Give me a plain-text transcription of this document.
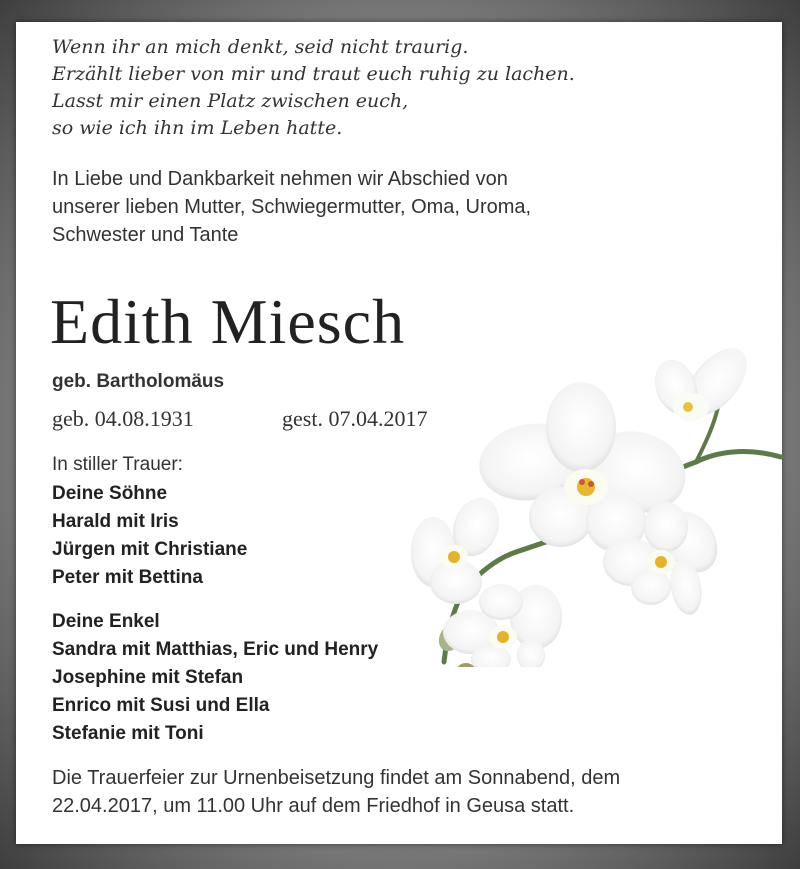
Wenn ihr an mich denkt, seid nicht traurig.
Erzählt lieber von mir und traut euch ruhig zu lachen.
Lasst mir einen Platz zwischen euch,
so wie ich ihn im Leben hatte.
In Liebe und Dankbarkeit nehmen wir Abschied von
unserer lieben Mutter, Schwiegermutter, Oma, Uroma,
Schwester und Tante
Edith Miesch
geb. Bartholomäus
geb. 04.08.1931	gest. 07.04.2017
In stiller Trauer:
Deine Söhne
Harald mit Iris
Jürgen mit Christiane
Peter mit Bettina
Deine Enkel
Sandra mit Matthias, Eric und Henry
Josephine mit Stefan
Enrico mit Susi und Ella
Stefanie mit Toni
Die Trauerfeier zur Urnenbeisetzung findet am Sonnabend, dem
22.04.2017, um 11.00 Uhr auf dem Friedhof in Geusa statt.
